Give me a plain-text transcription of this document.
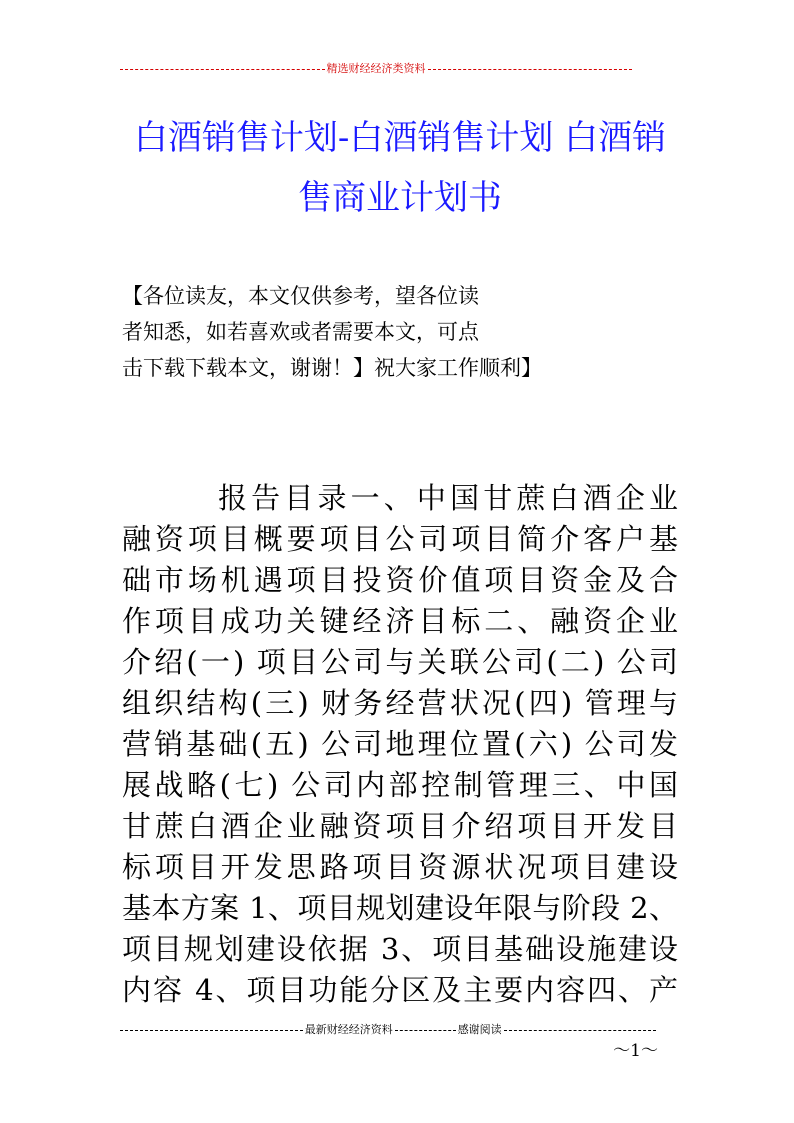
精选财经经济类资料
白酒销售计划-白酒销售计划 白酒销
售商业计划书
【各位读友，本文仅供参考，望各位读
者知悉，如若喜欢或者需要本文，可点
击下载下载本文，谢谢！】祝大家工作顺利】
报告目录一、中国甘蔗白酒企业
融资项目概要项目公司项目简介客户基
础市场机遇项目投资价值项目资金及合
作项目成功关键经济目标二、融资企业
介绍(一) 项目公司与关联公司(二) 公司
组织结构(三) 财务经营状况(四) 管理与
营销基础(五) 公司地理位置(六) 公司发
展战略(七) 公司内部控制管理三、中国
甘蔗白酒企业融资项目介绍项目开发目
标项目开发思路项目资源状况项目建设
基本方案 1、项目规划建设年限与阶段 2、
项目规划建设依据 3、项目基础设施建设
内容 4、项目功能分区及主要内容四、产
最新财经经济资料	感谢阅读
～1～
